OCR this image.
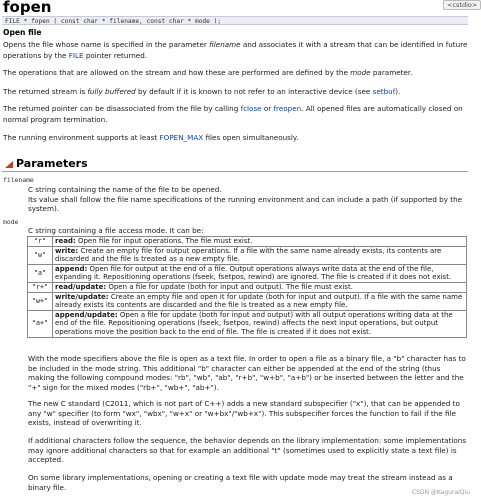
fopen	<cstdio>
FILE * fopen ( const char * filename, const char * mode );
Open file

Opens the file whose name is specified in the parameter filename and associates it with a stream that can be identified in future operations by the FILE pointer returned.

The operations that are allowed on the stream and how these are performed are defined by the mode parameter.

The returned stream is fully buffered by default if it is known to not refer to an interactive device (see setbuf).

The returned pointer can be disassociated from the file by calling fclose or freopen. All opened files are automatically closed on normal program termination.

The running environment supports at least FOPEN_MAX files open simultaneously.

Parameters
filename
C string containing the name of the file to be opened.
Its value shall follow the file name specifications of the running environment and can include a path (if supported by the system).
mode
C string containing a file access mode. It can be:
"r"	read: Open file for input operations. The file must exist.
"w"	write: Create an empty file for output operations. If a file with the same name already exists, its contents are discarded and the file is treated as a new empty file.
"a"	append: Open file for output at the end of a file. Output operations always write data at the end of the file, expanding it. Repositioning operations (fseek, fsetpos, rewind) are ignored. The file is created if it does not exist.
"r+"	read/update: Open a file for update (both for input and output). The file must exist.
"w+"	write/update: Create an empty file and open it for update (both for input and output). If a file with the same name already exists its contents are discarded and the file is treated as a new empty file.
"a+"	append/update: Open a file for update (both for input and output) with all output operations writing data at the end of the file. Repositioning operations (fseek, fsetpos, rewind) affects the next input operations, but output operations move the position back to the end of file. The file is created if it does not exist.
With the mode specifiers above the file is open as a text file. In order to open a file as a binary file, a "b" character has to be included in the mode string. This additional "b" character can either be appended at the end of the string (thus making the following compound modes: "rb", "wb", "ab", "r+b", "w+b", "a+b") or be inserted between the letter and the "+" sign for the mixed modes ("rb+", "wb+", "ab+").
The new C standard (C2011, which is not part of C++) adds a new standard subspecifier ("x"), that can be appended to any "w" specifier (to form "wx", "wbx", "w+x" or "w+bx"/"wb+x"). This subspecifier forces the function to fail if the file exists, instead of overwriting it.
If additional characters follow the sequence, the behavior depends on the library implementation: some implementations may ignore additional characters so that for example an additional "t" (sometimes used to explicitly state a text file) is accepted.
On some library implementations, opening or creating a text file with update mode may treat the stream instead as a binary file.
CSDN @KaguraiQiu
